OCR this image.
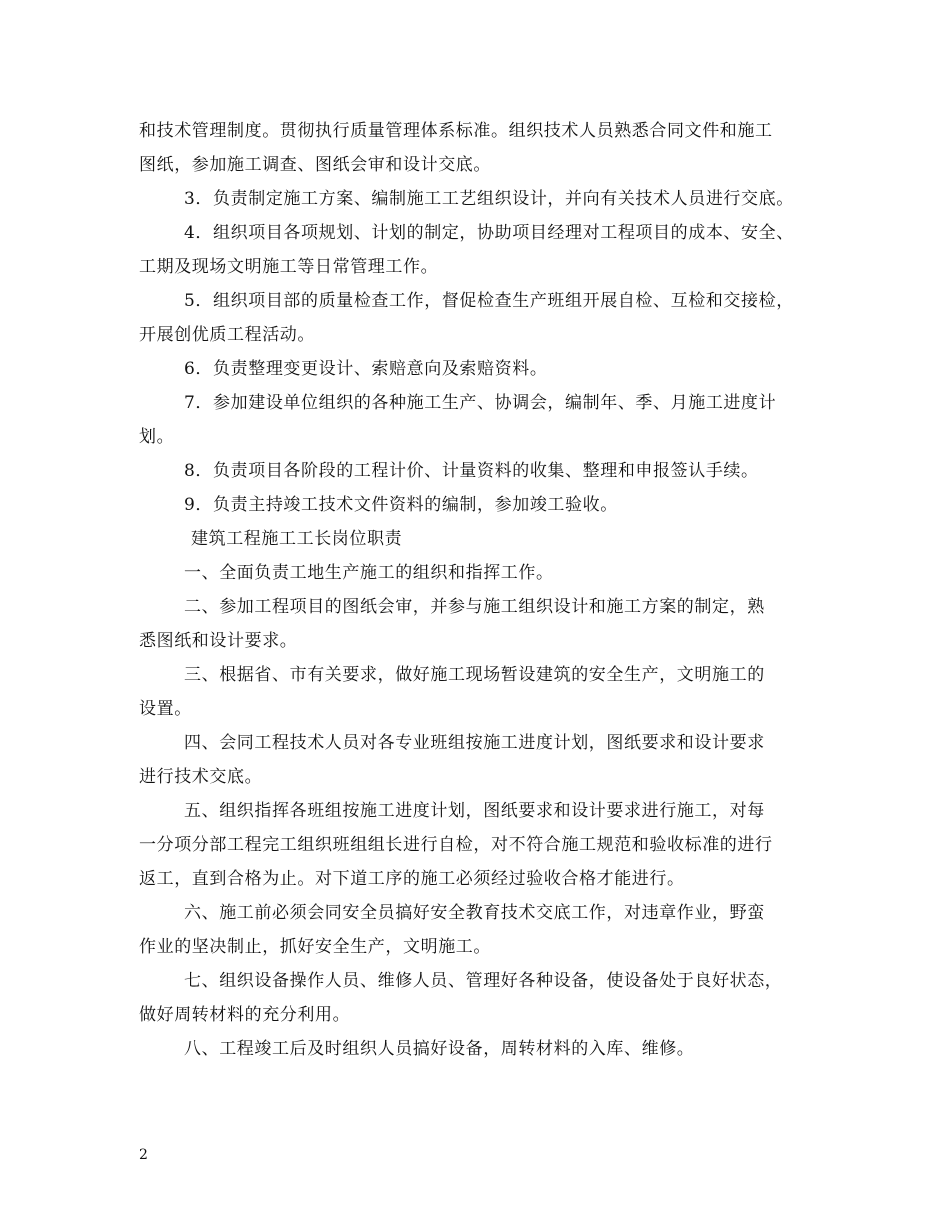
和技术管理制度。贯彻执行质量管理体系标准。组织技术人员熟悉合同文件和施工
图纸，参加施工调查、图纸会审和设计交底。
3．负责制定施工方案、编制施工工艺组织设计，并向有关技术人员进行交底。
4．组织项目各项规划、计划的制定，协助项目经理对工程项目的成本、安全、
工期及现场文明施工等日常管理工作。
5．组织项目部的质量检查工作，督促检查生产班组开展自检、互检和交接检，
开展创优质工程活动。
6．负责整理变更设计、索赔意向及索赔资料。
7．参加建设单位组织的各种施工生产、协调会，编制年、季、月施工进度计
划。
8．负责项目各阶段的工程计价、计量资料的收集、整理和申报签认手续。
9．负责主持竣工技术文件资料的编制，参加竣工验收。
建筑工程施工工长岗位职责
一、全面负责工地生产施工的组织和指挥工作。
二、参加工程项目的图纸会审，并参与施工组织设计和施工方案的制定，熟
悉图纸和设计要求。
三、根据省、市有关要求，做好施工现场暂设建筑的安全生产，文明施工的
设置。
四、会同工程技术人员对各专业班组按施工进度计划，图纸要求和设计要求
进行技术交底。
五、组织指挥各班组按施工进度计划，图纸要求和设计要求进行施工，对每
一分项分部工程完工组织班组组长进行自检，对不符合施工规范和验收标准的进行
返工，直到合格为止。对下道工序的施工必须经过验收合格才能进行。
六、施工前必须会同安全员搞好安全教育技术交底工作，对违章作业，野蛮
作业的坚决制止，抓好安全生产，文明施工。
七、组织设备操作人员、维修人员、管理好各种设备，使设备处于良好状态，
做好周转材料的充分利用。
八、工程竣工后及时组织人员搞好设备，周转材料的入库、维修。
2
